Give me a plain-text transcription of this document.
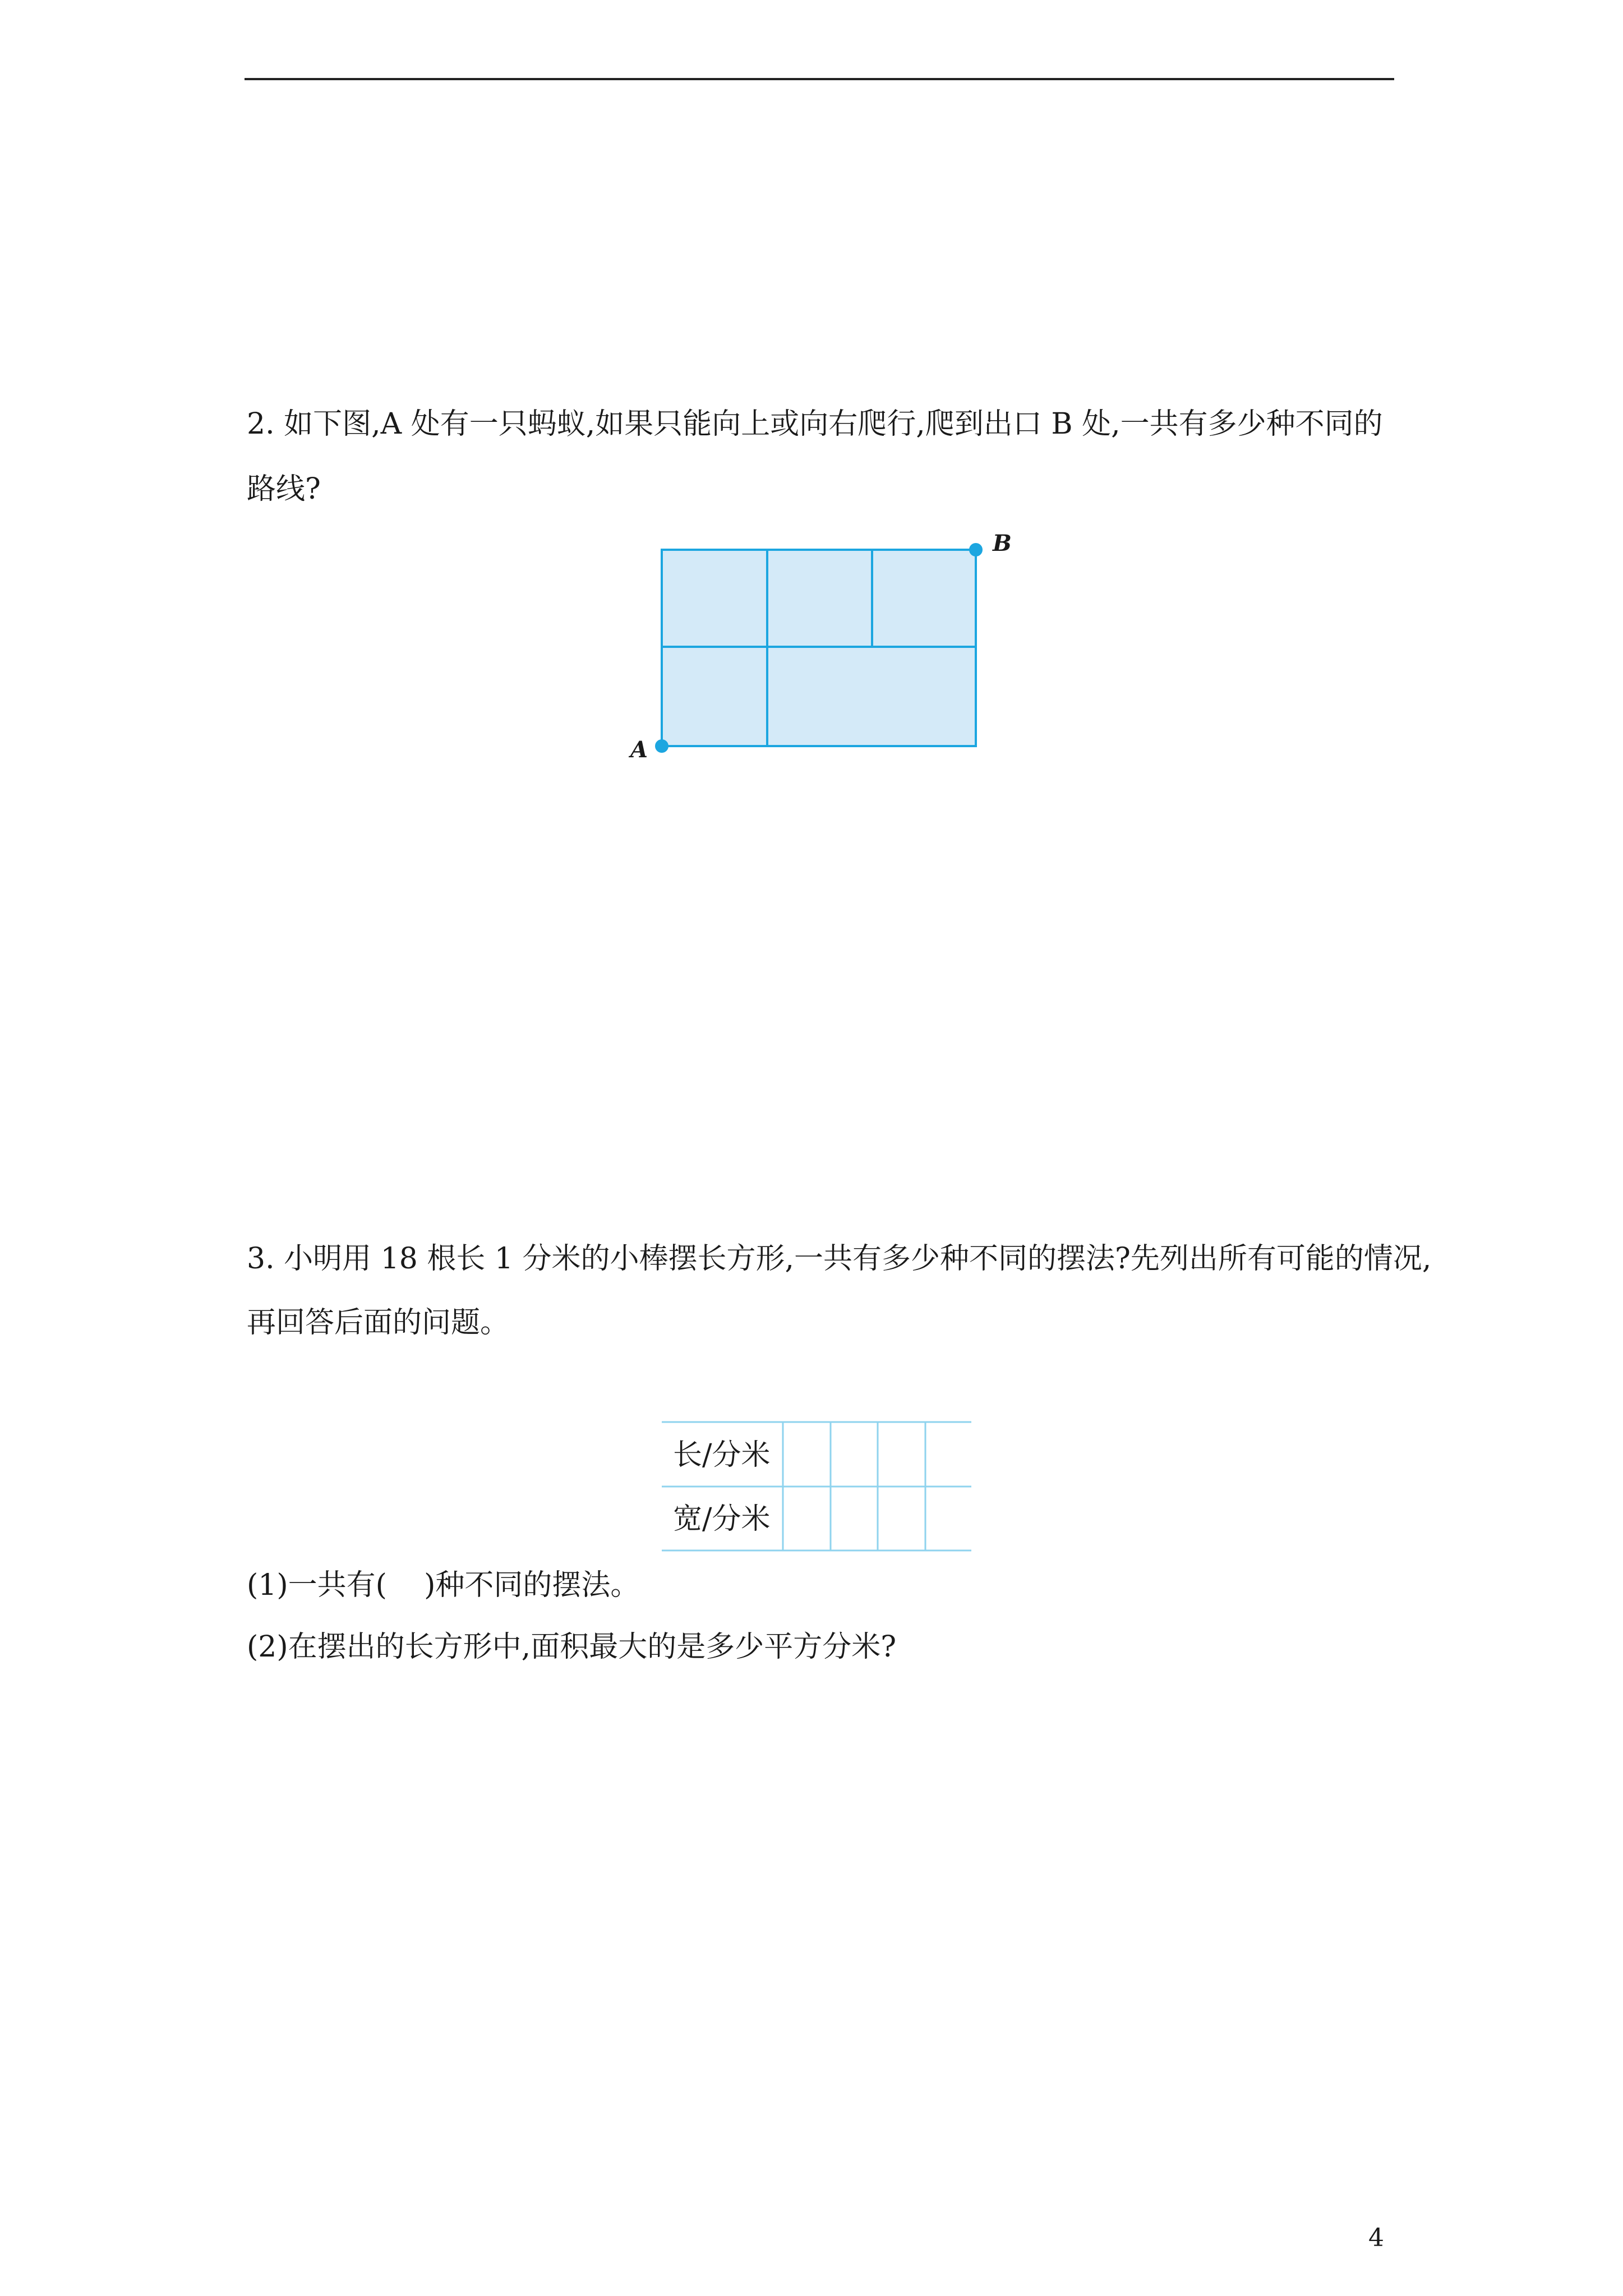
2. 如下图,A 处有一只蚂蚁,如果只能向上或向右爬行,爬到出口 B 处,一共有多少种不同的
路线?
A
B
3. 小明用 18 根长 1 分米的小棒摆长方形,一共有多少种不同的摆法?先列出所有可能的情况,
再回答后面的问题。
长/分米
宽/分米
(1)一共有(    )种不同的摆法。
(2)在摆出的长方形中,面积最大的是多少平方分米?
4
